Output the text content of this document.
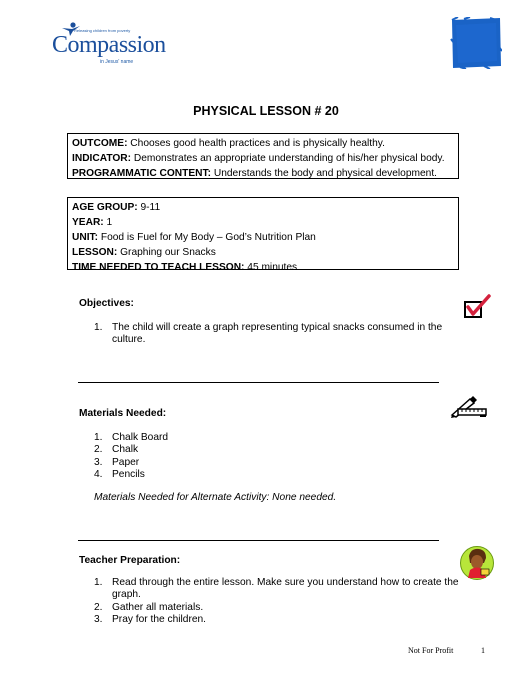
Releasing children from poverty
Compassion
in Jesus' name
PHYSICAL LESSON # 20
OUTCOME: Chooses good health practices and is physically healthy.
INDICATOR: Demonstrates an appropriate understanding of his/her physical body.
PROGRAMMATIC CONTENT: Understands the body and physical development.
AGE GROUP: 9-11
YEAR: 1
UNIT: Food is Fuel for My Body – God’s Nutrition Plan
LESSON: Graphing our Snacks
TIME NEEDED TO TEACH LESSON: 45 minutes
Objectives:
1. The child will create a graph representing typical snacks consumed in the culture.
Materials Needed:
1. Chalk Board
2. Chalk
3. Paper
4. Pencils
Materials Needed for Alternate Activity: None needed.
Teacher Preparation:
1. Read through the entire lesson. Make sure you understand how to create the graph.
2. Gather all materials.
3. Pray for the children.
Not For Profit	1
